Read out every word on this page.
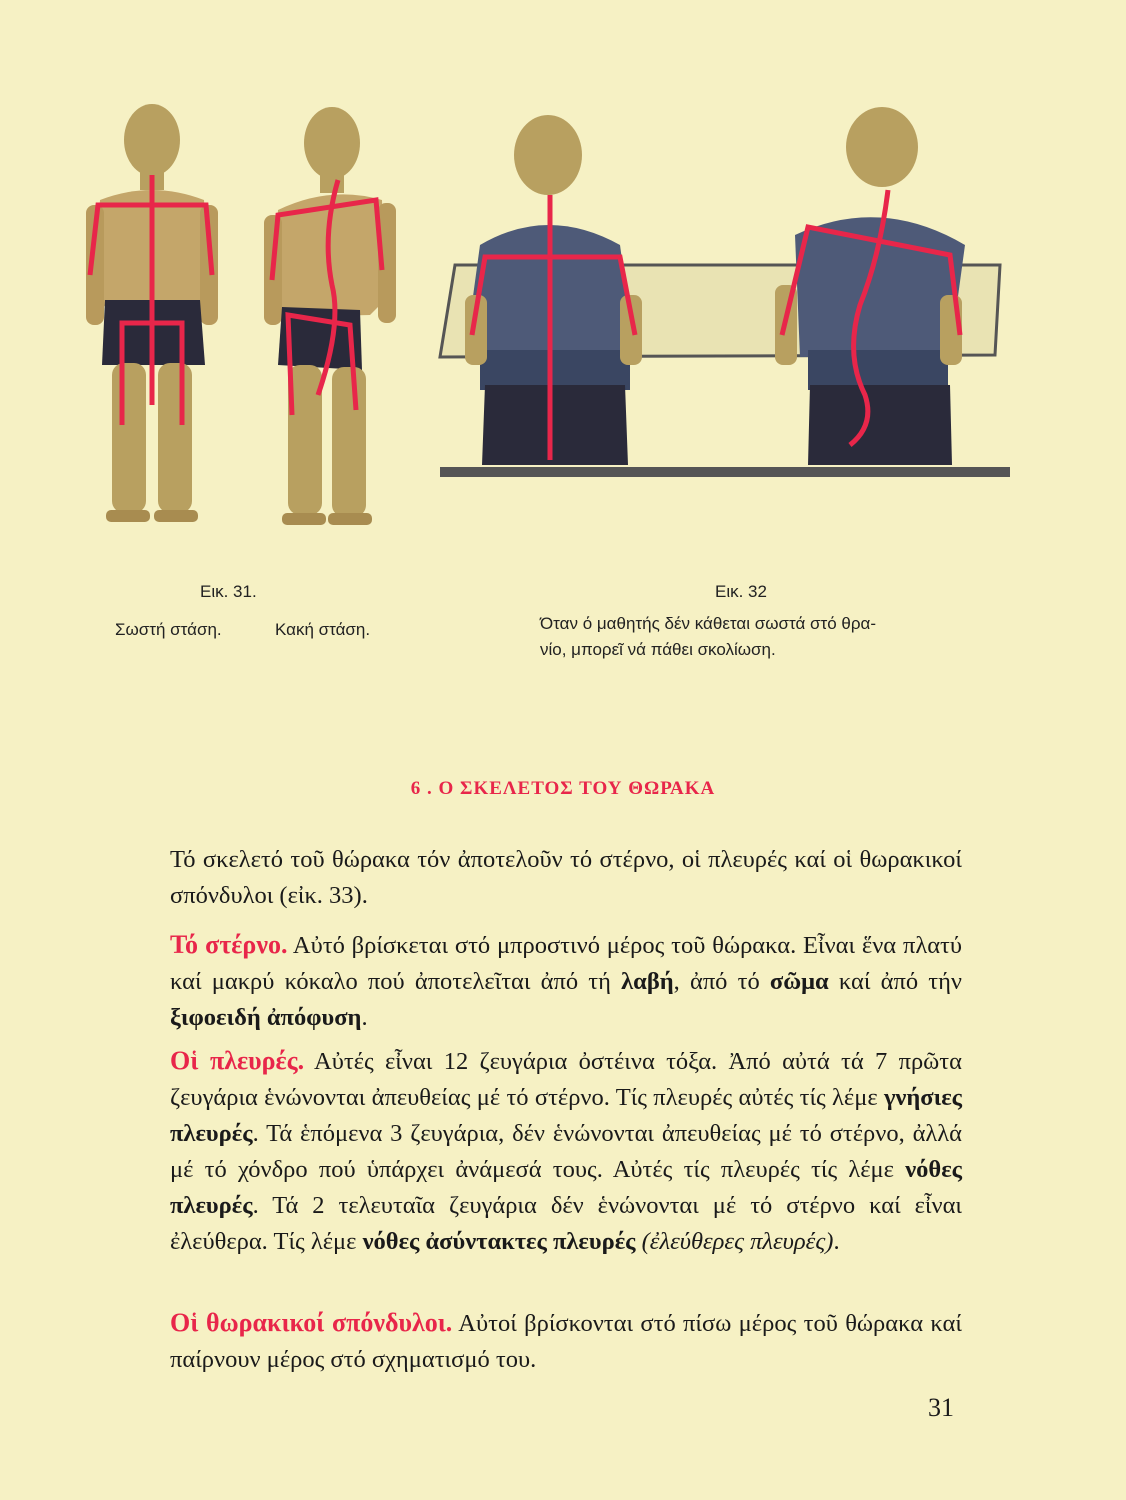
Εικ. 31.
Σωστή στάση.	Κακή στάση.
Εικ. 32
Όταν ό μαθητής δέν κάθεται σωστά στό θρα-
νίο, μπορεῖ νά πάθει σκολίωση.
6 . Ο ΣΚΕΛΕΤΟΣ ΤΟΥ ΘΩΡΑΚΑ

Τό σκελετό τοῦ θώρακα τόν ἀποτελοῦν τό στέρνο, οἱ πλευρές καί οἱ θωρακικοί σπόνδυλοι (εἰκ. 33).

Τό στέρνο. Αὐτό βρίσκεται στό μπροστινό μέρος τοῦ θώρακα. Εἶναι ἕνα πλατύ καί μακρύ κόκαλο πού ἀποτελεῖται ἀπό τή λαβή, ἀπό τό σῶμα καί ἀπό τήν ξιφοειδή ἀπόφυση.

Οἱ πλευρές. Αὐτές εἶναι 12 ζευγάρια ὀστέινα τόξα. Ἀπό αὐτά τά 7 πρῶτα ζευγάρια ἑνώνονται ἀπευθείας μέ τό στέρνο. Τίς πλευρές αὐτές τίς λέμε γνήσιες πλευρές. Τά ἑπόμενα 3 ζευγάρια, δέν ἑνώνονται ἀπευθείας μέ τό στέρνο, ἀλλά μέ τό χόνδρο πού ὑπάρχει ἀνάμεσά τους. Αὐτές τίς πλευρές τίς λέμε νόθες πλευρές. Τά 2 τελευταῖα ζευγάρια δέν ἑνώνονται μέ τό στέρνο καί εἶναι ἐλεύθερα. Τίς λέμε νόθες ἀσύντακτες πλευρές (ἐλεύθερες πλευρές).

Οἱ θωρακικοί σπόνδυλοι. Αὐτοί βρίσκονται στό πίσω μέρος τοῦ θώρακα καί παίρνουν μέρος στό σχηματισμό του.

31
